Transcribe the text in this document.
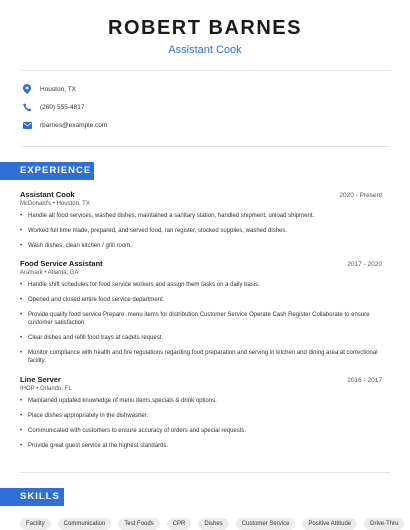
ROBERT BARNES
Assistant Cook
Houston, TX
(260) 555-4817
rbarnes@example.com
EXPERIENCE
Assistant Cook	2020 - Present
McDonald's • Houston, TX
• Handle all food services, washed dishes, maintained a sanitary station, handled shipment, unload shipment.
• Worked full time made, prepared, and served food, ran register, stocked supplies, washed dishes.
• Wash dishes, clean kitchen / grill room.
Food Service Assistant	2017 - 2020
Aramark • Atlanta, GA
• Handle shift schedules for food service workers and assign them tasks on a daily basis.
• Opened and closed entire food service department.
• Provide quality food service Prepare .menu items for distribution Customer Service Operate Cash Register Collaborate to ensure customer satisfaction
• Clear dishes and refill food trays at cadets request.
• Monitor compliance with health and fire regulations regarding food preparation and serving in kitchen and dining area at correctional facility.
Line Server	2016 - 2017
IHOP • Orlando, FL
• Maintained updated knowledge of menu items,specials & drink options.
• Place dishes appropriately in the dishwasher.
• Communicated with customers to ensure accuracy of orders and special requests.
• Provide great guest service at the highest standards.
SKILLS
Facility	Communication	Test Foods	CPR	Dishes	Customer Service	Positive Attitude	Drive-Thru
